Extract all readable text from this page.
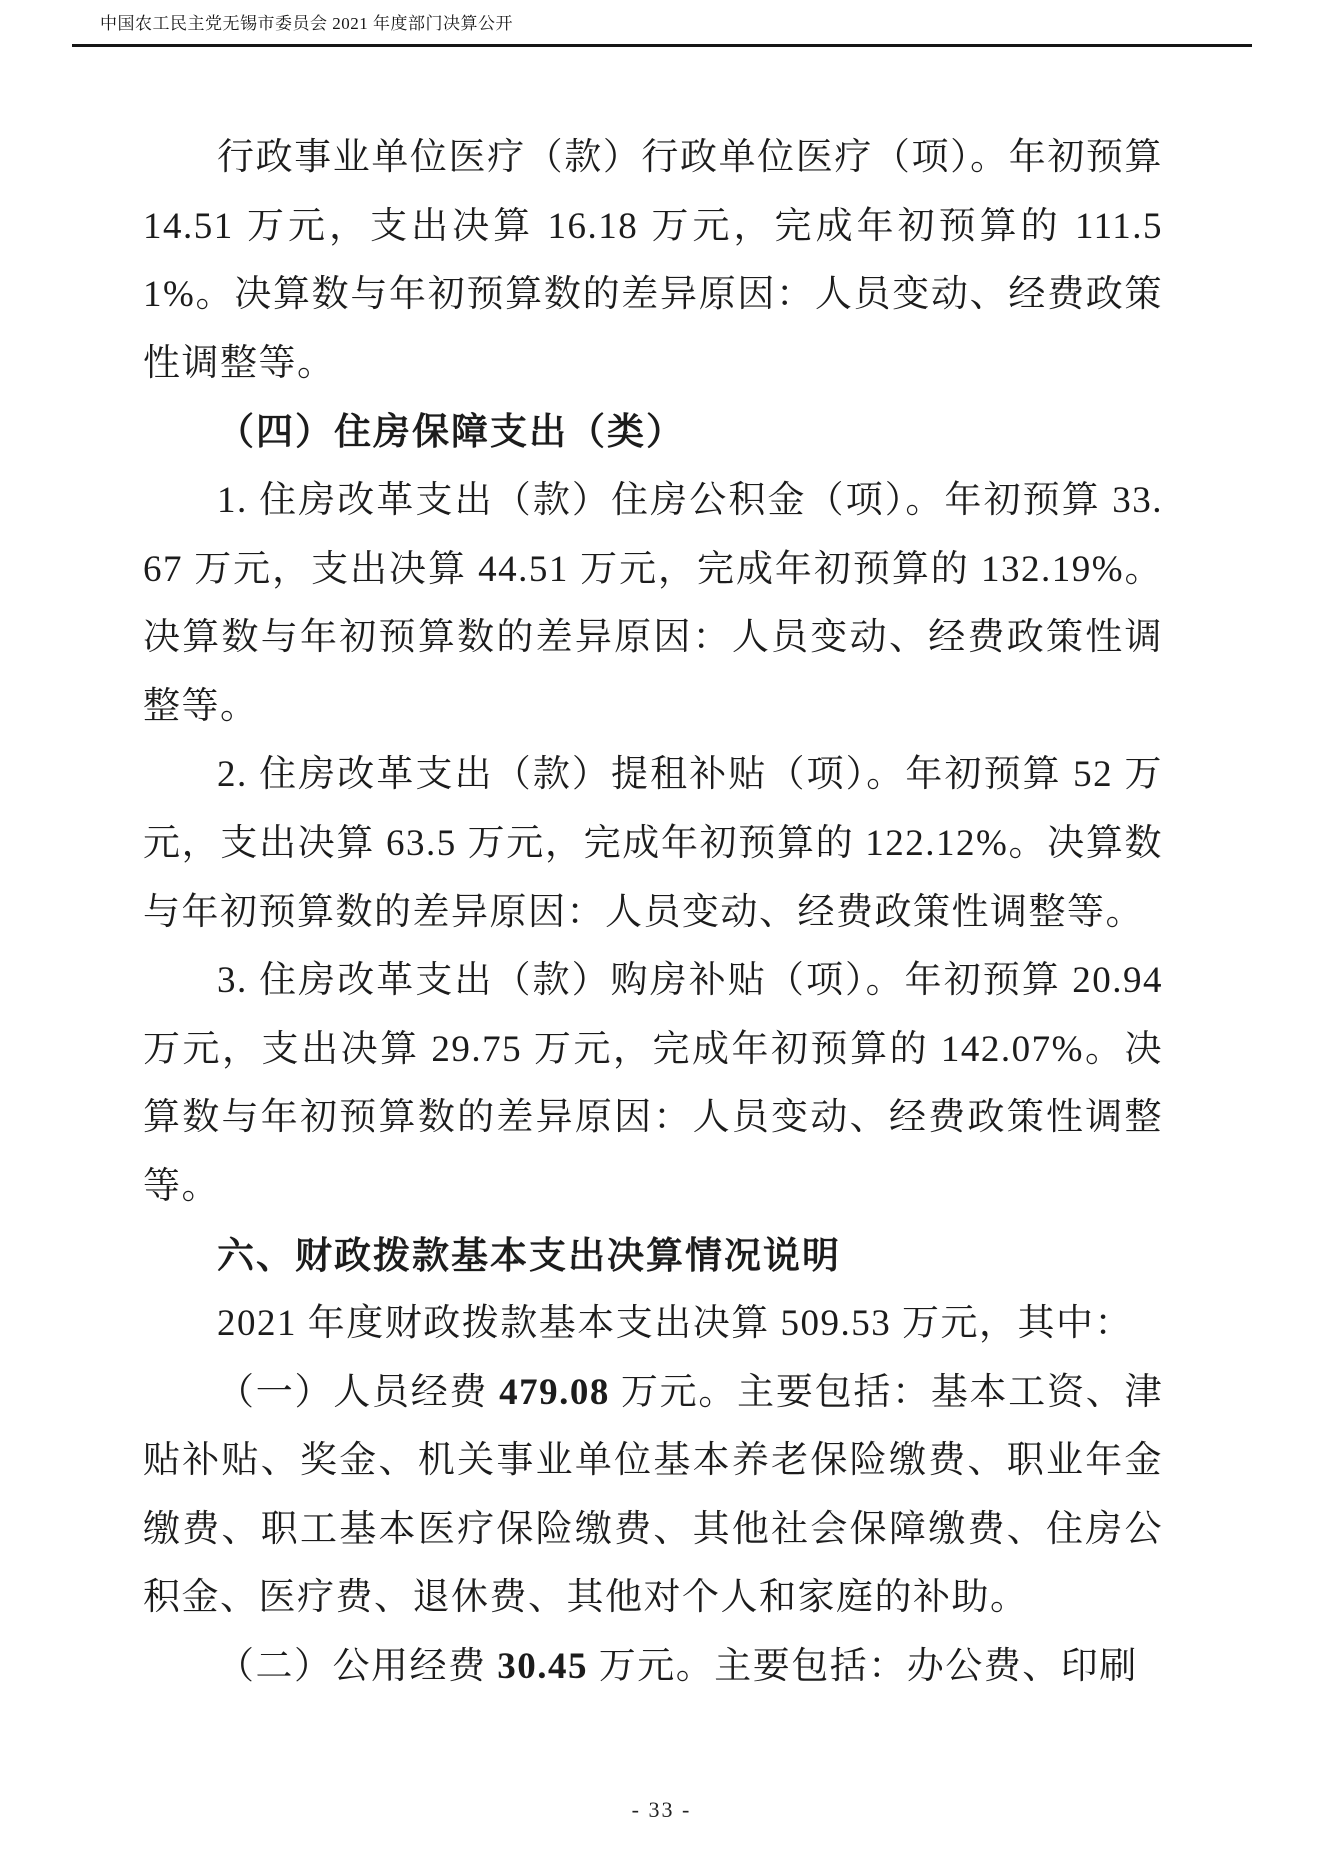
中国农工民主党无锡市委员会 2021 年度部门决算公开

行政事业单位医疗（款）行政单位医疗（项）。年初预算 14.51 万元，支出决算 16.18 万元，完成年初预算的 111.51%。决算数与年初预算数的差异原因：人员变动、经费政策性调整等。

（四）住房保障支出（类）

1. 住房改革支出（款）住房公积金（项）。年初预算 33.67 万元，支出决算 44.51 万元，完成年初预算的 132.19%。决算数与年初预算数的差异原因：人员变动、经费政策性调整等。

2. 住房改革支出（款）提租补贴（项）。年初预算 52 万元，支出决算 63.5 万元，完成年初预算的 122.12%。决算数与年初预算数的差异原因：人员变动、经费政策性调整等。

3. 住房改革支出（款）购房补贴（项）。年初预算 20.94 万元，支出决算 29.75 万元，完成年初预算的 142.07%。决算数与年初预算数的差异原因：人员变动、经费政策性调整等。

六、财政拨款基本支出决算情况说明

2021 年度财政拨款基本支出决算 509.53 万元，其中：

（一）人员经费 479.08 万元。主要包括：基本工资、津贴补贴、奖金、机关事业单位基本养老保险缴费、职业年金缴费、职工基本医疗保险缴费、其他社会保障缴费、住房公积金、医疗费、退休费、其他对个人和家庭的补助。

（二）公用经费 30.45 万元。主要包括：办公费、印刷

- 33 -
